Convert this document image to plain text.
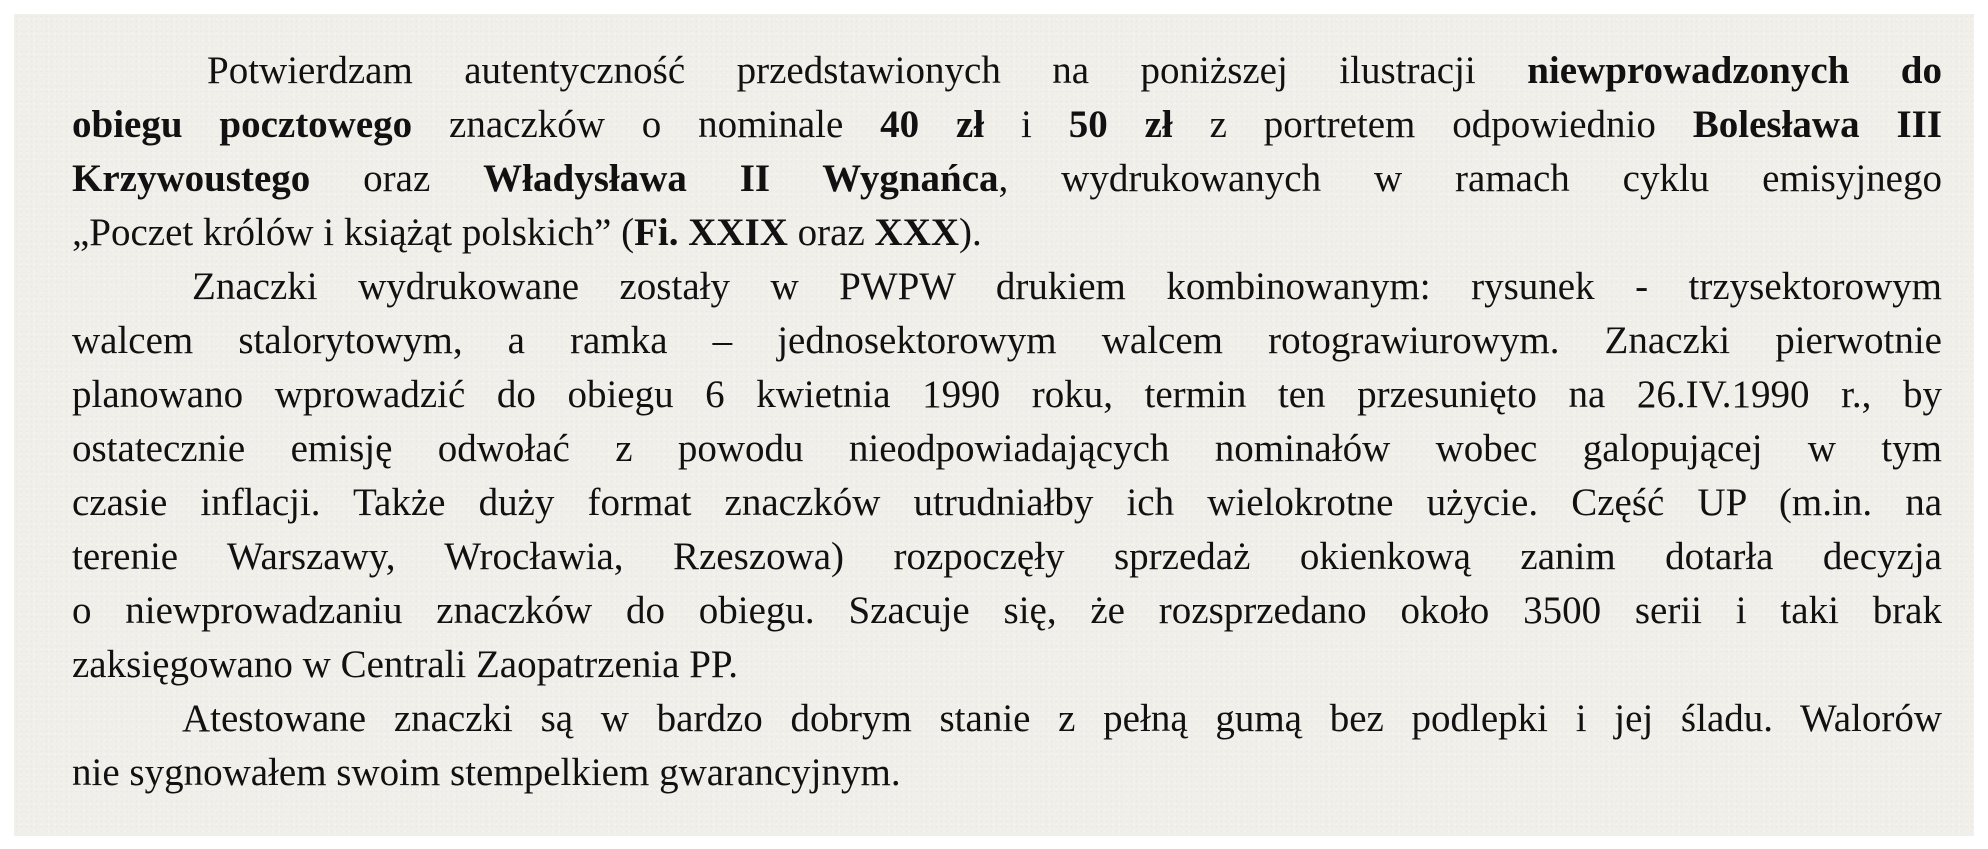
Potwierdzam autentyczność przedstawionych na poniższej ilustracji niewprowadzonych do
obiegu pocztowego znaczków o nominale 40 zł i 50 zł z portretem odpowiednio Bolesława III
Krzywoustego oraz Władysława II Wygnańca, wydrukowanych w ramach cyklu emisyjnego
„Poczet królów i książąt polskich” (Fi. XXIX oraz XXX).
Znaczki wydrukowane zostały w PWPW drukiem kombinowanym: rysunek - trzysektorowym
walcem stalorytowym, a ramka – jednosektorowym walcem rotograwiurowym. Znaczki pierwotnie
planowano wprowadzić do obiegu 6 kwietnia 1990 roku, termin ten przesunięto na 26.IV.1990 r., by
ostatecznie emisję odwołać z powodu nieodpowiadających nominałów wobec galopującej w tym
czasie inflacji. Także duży format znaczków utrudniałby ich wielokrotne użycie. Część UP (m.in. na
terenie Warszawy, Wrocławia, Rzeszowa) rozpoczęły sprzedaż okienkową zanim dotarła decyzja
o niewprowadzaniu znaczków do obiegu. Szacuje się, że rozsprzedano około 3500 serii i taki brak
zaksięgowano w Centrali Zaopatrzenia PP.
Atestowane znaczki są w bardzo dobrym stanie z pełną gumą bez podlepki i jej śladu. Walorów
nie sygnowałem swoim stempelkiem gwarancyjnym.
